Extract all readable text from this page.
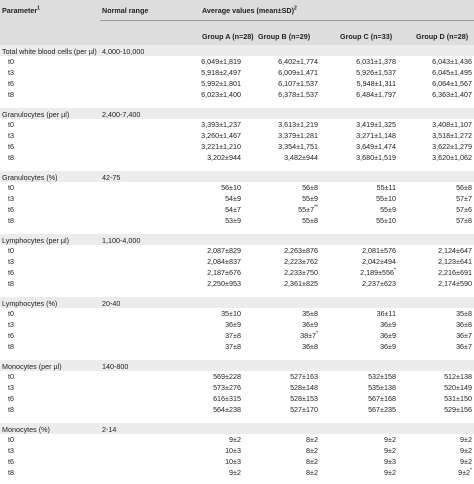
Parameter$^1$	Normal range	Average values (mean±SD)$^2$
Group A (n=28) Group B (n=29)	Group C (n=33)	Group D (n=28)
Total white blood cells (per µl) 4,000-10,000
t0	6,049±1,819	6,402±1,774	6,031±1,378	6,043±1,436
t3	5,918±2,497	6,009±1,471	5,926±1,537	6,045±1,495
t6	5,992±1,801	6,107±1,537	5,948±1,311	6,064±1,567
t8	6,023±1,400	6,378±1,537	6,484±1,797	6,363±1,407
Granulocytes (per µl)	2,400-7,400
t0	3,393±1,237	3,613±1,219	3,419±1,325	3,408±1,107
t3	3,260±1,467	3,379±1,281	3,271±1,148	3,518±1,272
t6	3,221±1,210	3,354±1,751	3,649±1,474	3,622±1,279
t8	3,202±944	3,482±944	3,680±1,519	3,620±1,062
Granulocytes (%)	42-75
t0	56±10	56±8	55±11	56±8
t3	54±9	55±9	55±10	57±7
t6	54±7	55±7**	55±9	57±6
t8	53±9	55±8	55±10	57±8
Lymphocytes (per µl)	1,100-4,000
t0	2,087±829	2,263±876	2,081±576	2,124±647
t3	2,084±837	2,223±762	2,042±494	2,123±641
t6	2,187±676	2,233±750	2,189±556*	2,216±691
t8	2,250±953	2,361±825	2,237±623	2,174±590
Lymphocytes (%)	20-40
t0	35±10	35±8	36±11	35±8
t3	36±9	36±9	36±9	36±8
t6	37±8	38±7*	36±9	36±7
t8	37±8	36±8	36±9	36±7
Monocytes (per µl)	140-800
t0	569±228	527±163	532±158	512±138
t3	573±276	528±148	535±138	520±149
t6	616±315	528±153	567±168	531±150
t8	564±238	527±170	567±235	529±156
Monocytes (%)	2-14
t0	9±2	8±2	9±2	9±2
t3	10±3	8±2	9±2	9±2
t6	10±3	8±2	9±3	9±2
t8	9±2	8±2	9±2	9±2*
